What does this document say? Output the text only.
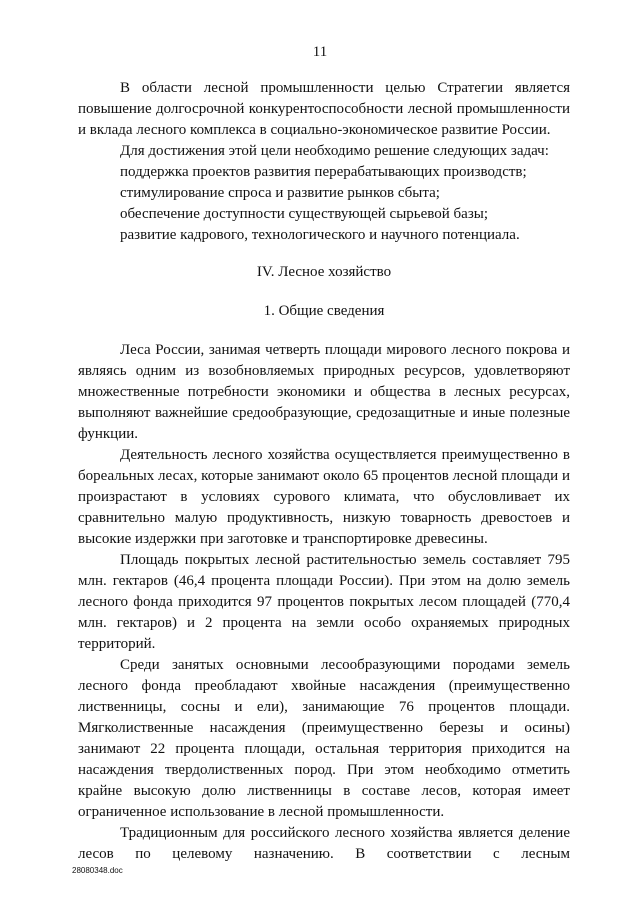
11

В области лесной промышленности целью Стратегии является повышение долгосрочной конкурентоспособности лесной промышленности и вклада лесного комплекса в социально-экономическое развитие России.

Для достижения этой цели необходимо решение следующих задач:

поддержка проектов развития перерабатывающих производств;

стимулирование спроса и развитие рынков сбыта;

обеспечение доступности существующей сырьевой базы;

развитие кадрового, технологического и научного потенциала.

IV. Лесное хозяйство

1. Общие сведения

Леса России, занимая четверть площади мирового лесного покрова и являясь одним из возобновляемых природных ресурсов, удовлетворяют множественные потребности экономики и общества в лесных ресурсах, выполняют важнейшие средообразующие, средозащитные и иные полезные функции.

Деятельность лесного хозяйства осуществляется преимущественно в бореальных лесах, которые занимают около 65 процентов лесной площади и произрастают в условиях сурового климата, что обусловливает их сравнительно малую продуктивность, низкую товарность древостоев и высокие издержки при заготовке и транспортировке древесины.

Площадь покрытых лесной растительностью земель составляет 795 млн. гектаров (46,4 процента площади России). При этом на долю земель лесного фонда приходится 97 процентов покрытых лесом площадей (770,4 млн. гектаров) и 2 процента на земли особо охраняемых природных территорий.

Среди занятых основными лесообразующими породами земель лесного фонда преобладают хвойные насаждения (преимущественно лиственницы, сосны и ели), занимающие 76 процентов площади. Мягколиственные насаждения (преимущественно березы и осины) занимают 22 процента площади, остальная территория приходится на насаждения твердолиственных пород. При этом необходимо отметить крайне высокую долю лиственницы в составе лесов, которая имеет ограниченное использование в лесной промышленности.

Традиционным для российского лесного хозяйства является деление лесов по целевому назначению. В соответствии с лесным

28080348.doc
